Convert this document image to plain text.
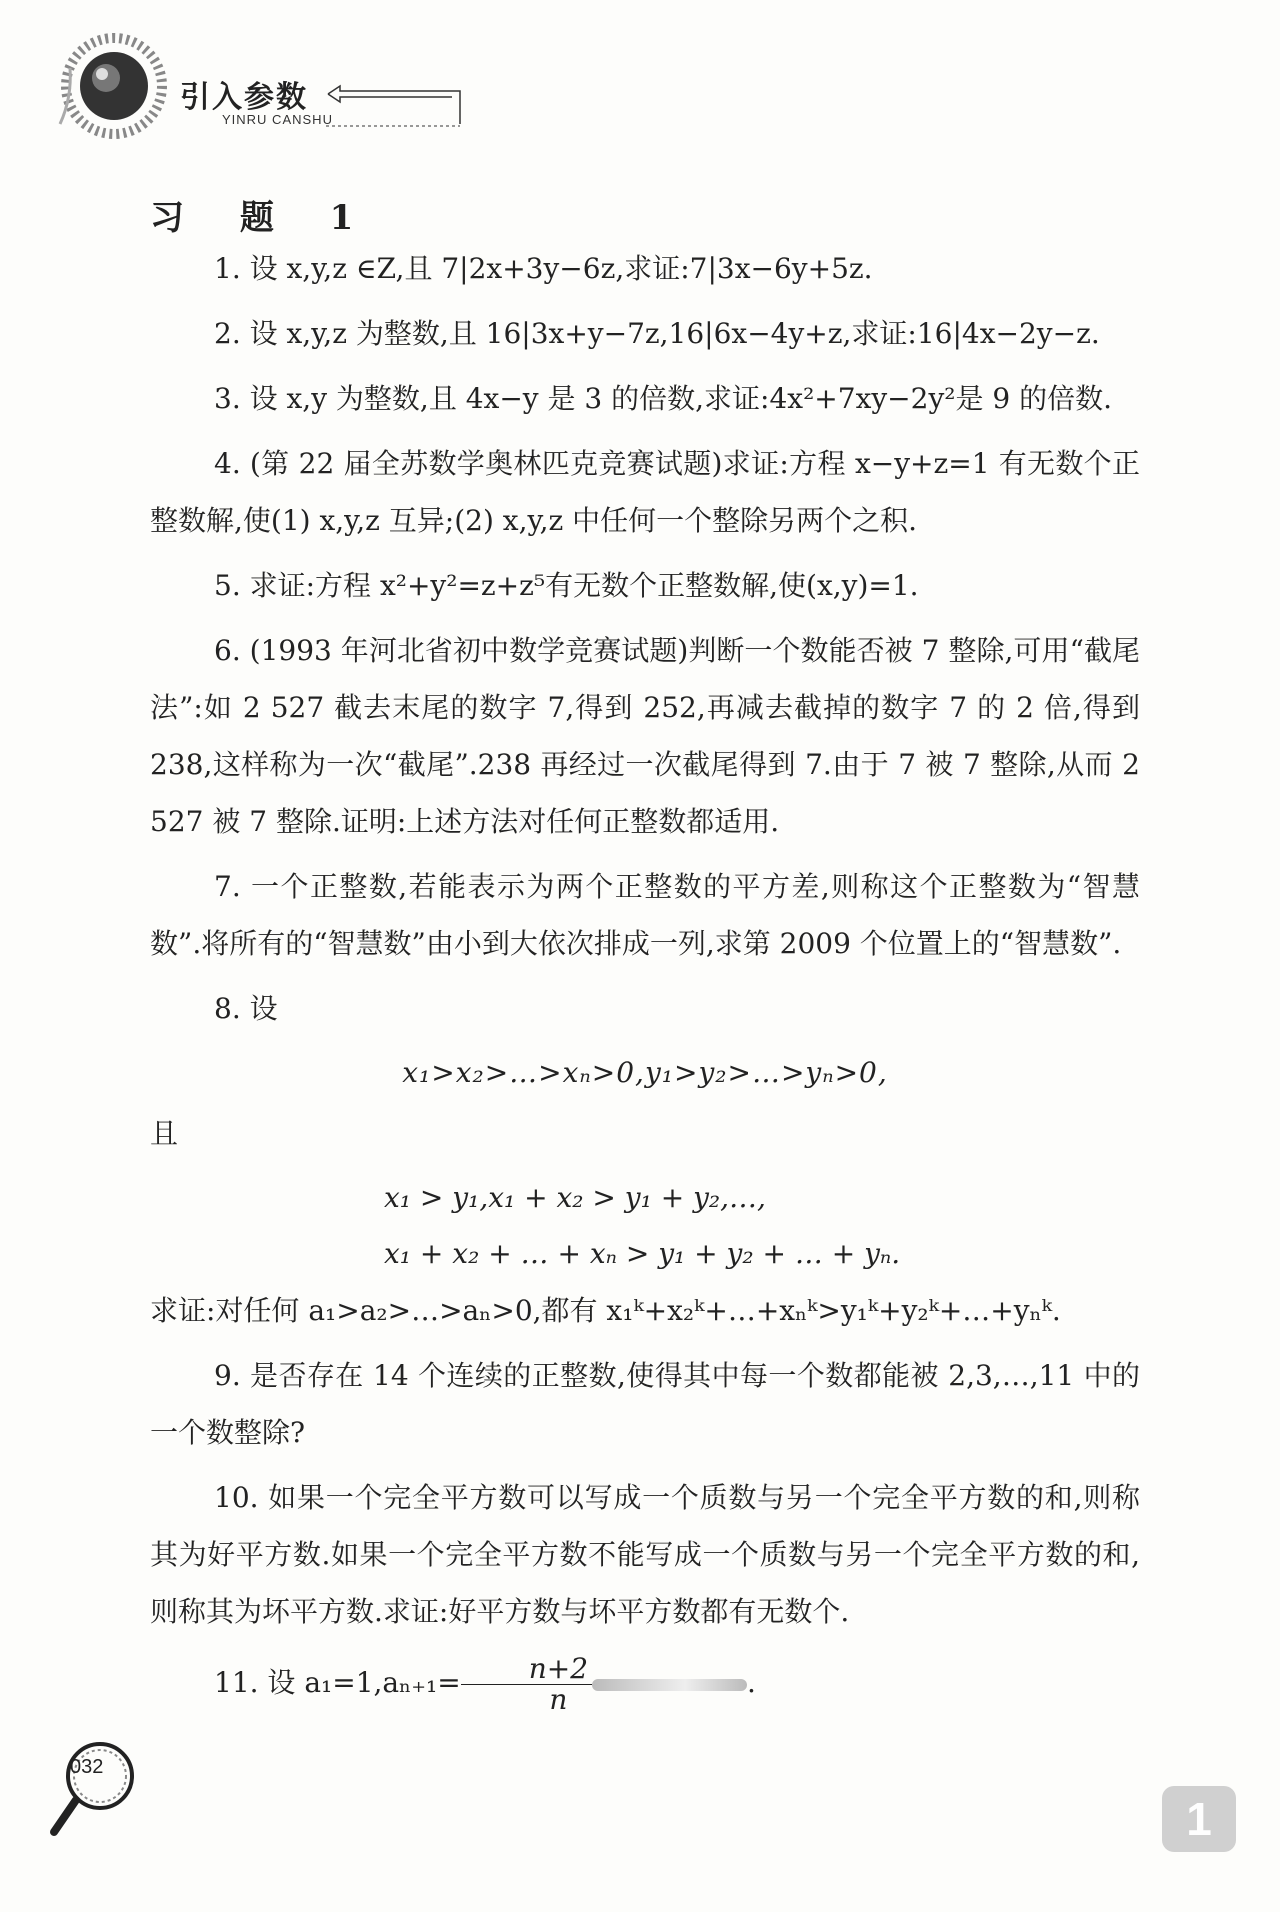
引入参数
YINRU CANSHU
习 题 1

1. 设 x,y,z ∈Z,且 7|2x+3y−6z,求证:7|3x−6y+5z.

2. 设 x,y,z 为整数,且 16|3x+y−7z,16|6x−4y+z,求证:16|4x−2y−z.

3. 设 x,y 为整数,且 4x−y 是 3 的倍数,求证:4x²+7xy−2y²是 9 的倍数.

4. (第 22 届全苏数学奥林匹克竞赛试题)求证:方程 x−y+z=1 有无数个正整数解,使(1) x,y,z 互异;(2) x,y,z 中任何一个整除另两个之积.

5. 求证:方程 x²+y²=z+z⁵有无数个正整数解,使(x,y)=1.

6. (1993 年河北省初中数学竞赛试题)判断一个数能否被 7 整除,可用“截尾法”:如 2 527 截去末尾的数字 7,得到 252,再减去截掉的数字 7 的 2 倍,得到 238,这样称为一次“截尾”.238 再经过一次截尾得到 7.由于 7 被 7 整除,从而 2 527 被 7 整除.证明:上述方法对任何正整数都适用.

7. 一个正整数,若能表示为两个正整数的平方差,则称这个正整数为“智慧数”.将所有的“智慧数”由小到大依次排成一列,求第 2009 个位置上的“智慧数”.

8. 设

x₁>x₂>…>xₙ>0,y₁>y₂>…>yₙ>0,

且

x₁ > y₁,x₁ + x₂ > y₁ + y₂,…,

x₁ + x₂ + … + xₙ > y₁ + y₂ + … + yₙ.

求证:对任何 a₁>a₂>…>aₙ>0,都有 x₁ᵏ+x₂ᵏ+…+xₙᵏ>y₁ᵏ+y₂ᵏ+…+yₙᵏ.

9. 是否存在 14 个连续的正整数,使得其中每一个数都能被 2,3,…,11 中的一个数整除?

10. 如果一个完全平方数可以写成一个质数与另一个完全平方数的和,则称其为好平方数.如果一个完全平方数不能写成一个质数与另一个完全平方数的和,则称其为坏平方数.求证:好平方数与坏平方数都有无数个.

11. 设 $a_1=1,a_{n+1}= \frac{n+2}{n}$	.

032
1
